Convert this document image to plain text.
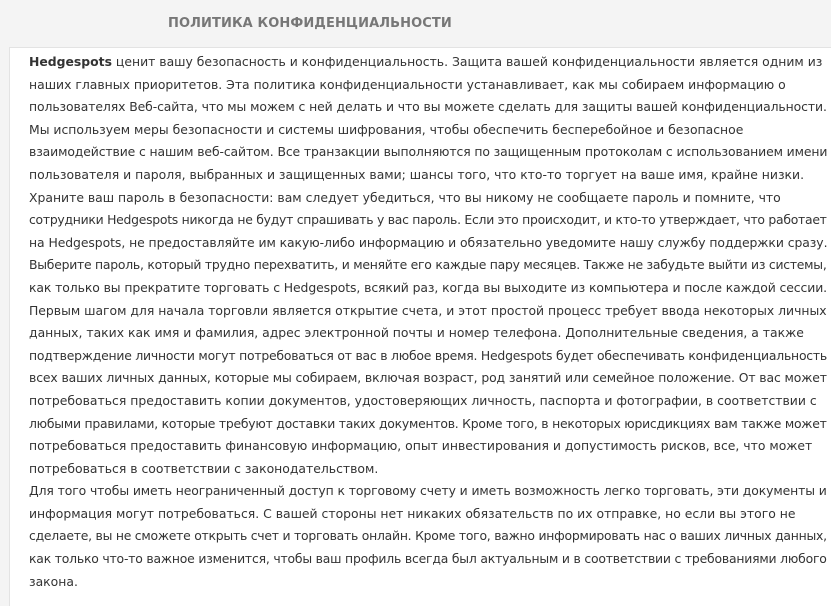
ПОЛИТИКА КОНФИДЕНЦИАЛЬНОСТИ
Hedgespots ценит вашу безопасность и конфиденциальность. Защита вашей конфиденциальности является одним из
наших главных приоритетов. Эта политика конфиденциальности устанавливает, как мы собираем информацию о
пользователях Веб-сайта, что мы можем с ней делать и что вы можете сделать для защиты вашей конфиденциальности.
Мы используем меры безопасности и системы шифрования, чтобы обеспечить бесперебойное и безопасное
взаимодействие с нашим веб-сайтом. Все транзакции выполняются по защищенным протоколам с использованием имени
пользователя и пароля, выбранных и защищенных вами; шансы того, что кто-то торгует на ваше имя, крайне низки.
Храните ваш пароль в безопасности: вам следует убедиться, что вы никому не сообщаете пароль и помните, что
сотрудники Hedgespots никогда не будут спрашивать у вас пароль. Если это происходит, и кто-то утверждает, что работает
на Hedgespots, не предоставляйте им какую-либо информацию и обязательно уведомите нашу службу поддержки сразу.
Выберите пароль, который трудно перехватить, и меняйте его каждые пару месяцев. Также не забудьте выйти из системы,
как только вы прекратите торговать с Hedgespots, всякий раз, когда вы выходите из компьютера и после каждой сессии.
Первым шагом для начала торговли является открытие счета, и этот простой процесс требует ввода некоторых личных
данных, таких как имя и фамилия, адрес электронной почты и номер телефона. Дополнительные сведения, а также
подтверждение личности могут потребоваться от вас в любое время. Hedgespots будет обеспечивать конфиденциальность
всех ваших личных данных, которые мы собираем, включая возраст, род занятий или семейное положение. От вас может
потребоваться предоставить копии документов, удостоверяющих личность, паспорта и фотографии, в соответствии с
любыми правилами, которые требуют доставки таких документов. Кроме того, в некоторых юрисдикциях вам также может
потребоваться предоставить финансовую информацию, опыт инвестирования и допустимость рисков, все, что может
потребоваться в соответствии с законодательством.
Для того чтобы иметь неограниченный доступ к торговому счету и иметь возможность легко торговать, эти документы и
информация могут потребоваться. С вашей стороны нет никаких обязательств по их отправке, но если вы этого не
сделаете, вы не сможете открыть счет и торговать онлайн. Кроме того, важно информировать нас о ваших личных данных,
как только что-то важное изменится, чтобы ваш профиль всегда был актуальным и в соответствии с требованиями любого
закона.
